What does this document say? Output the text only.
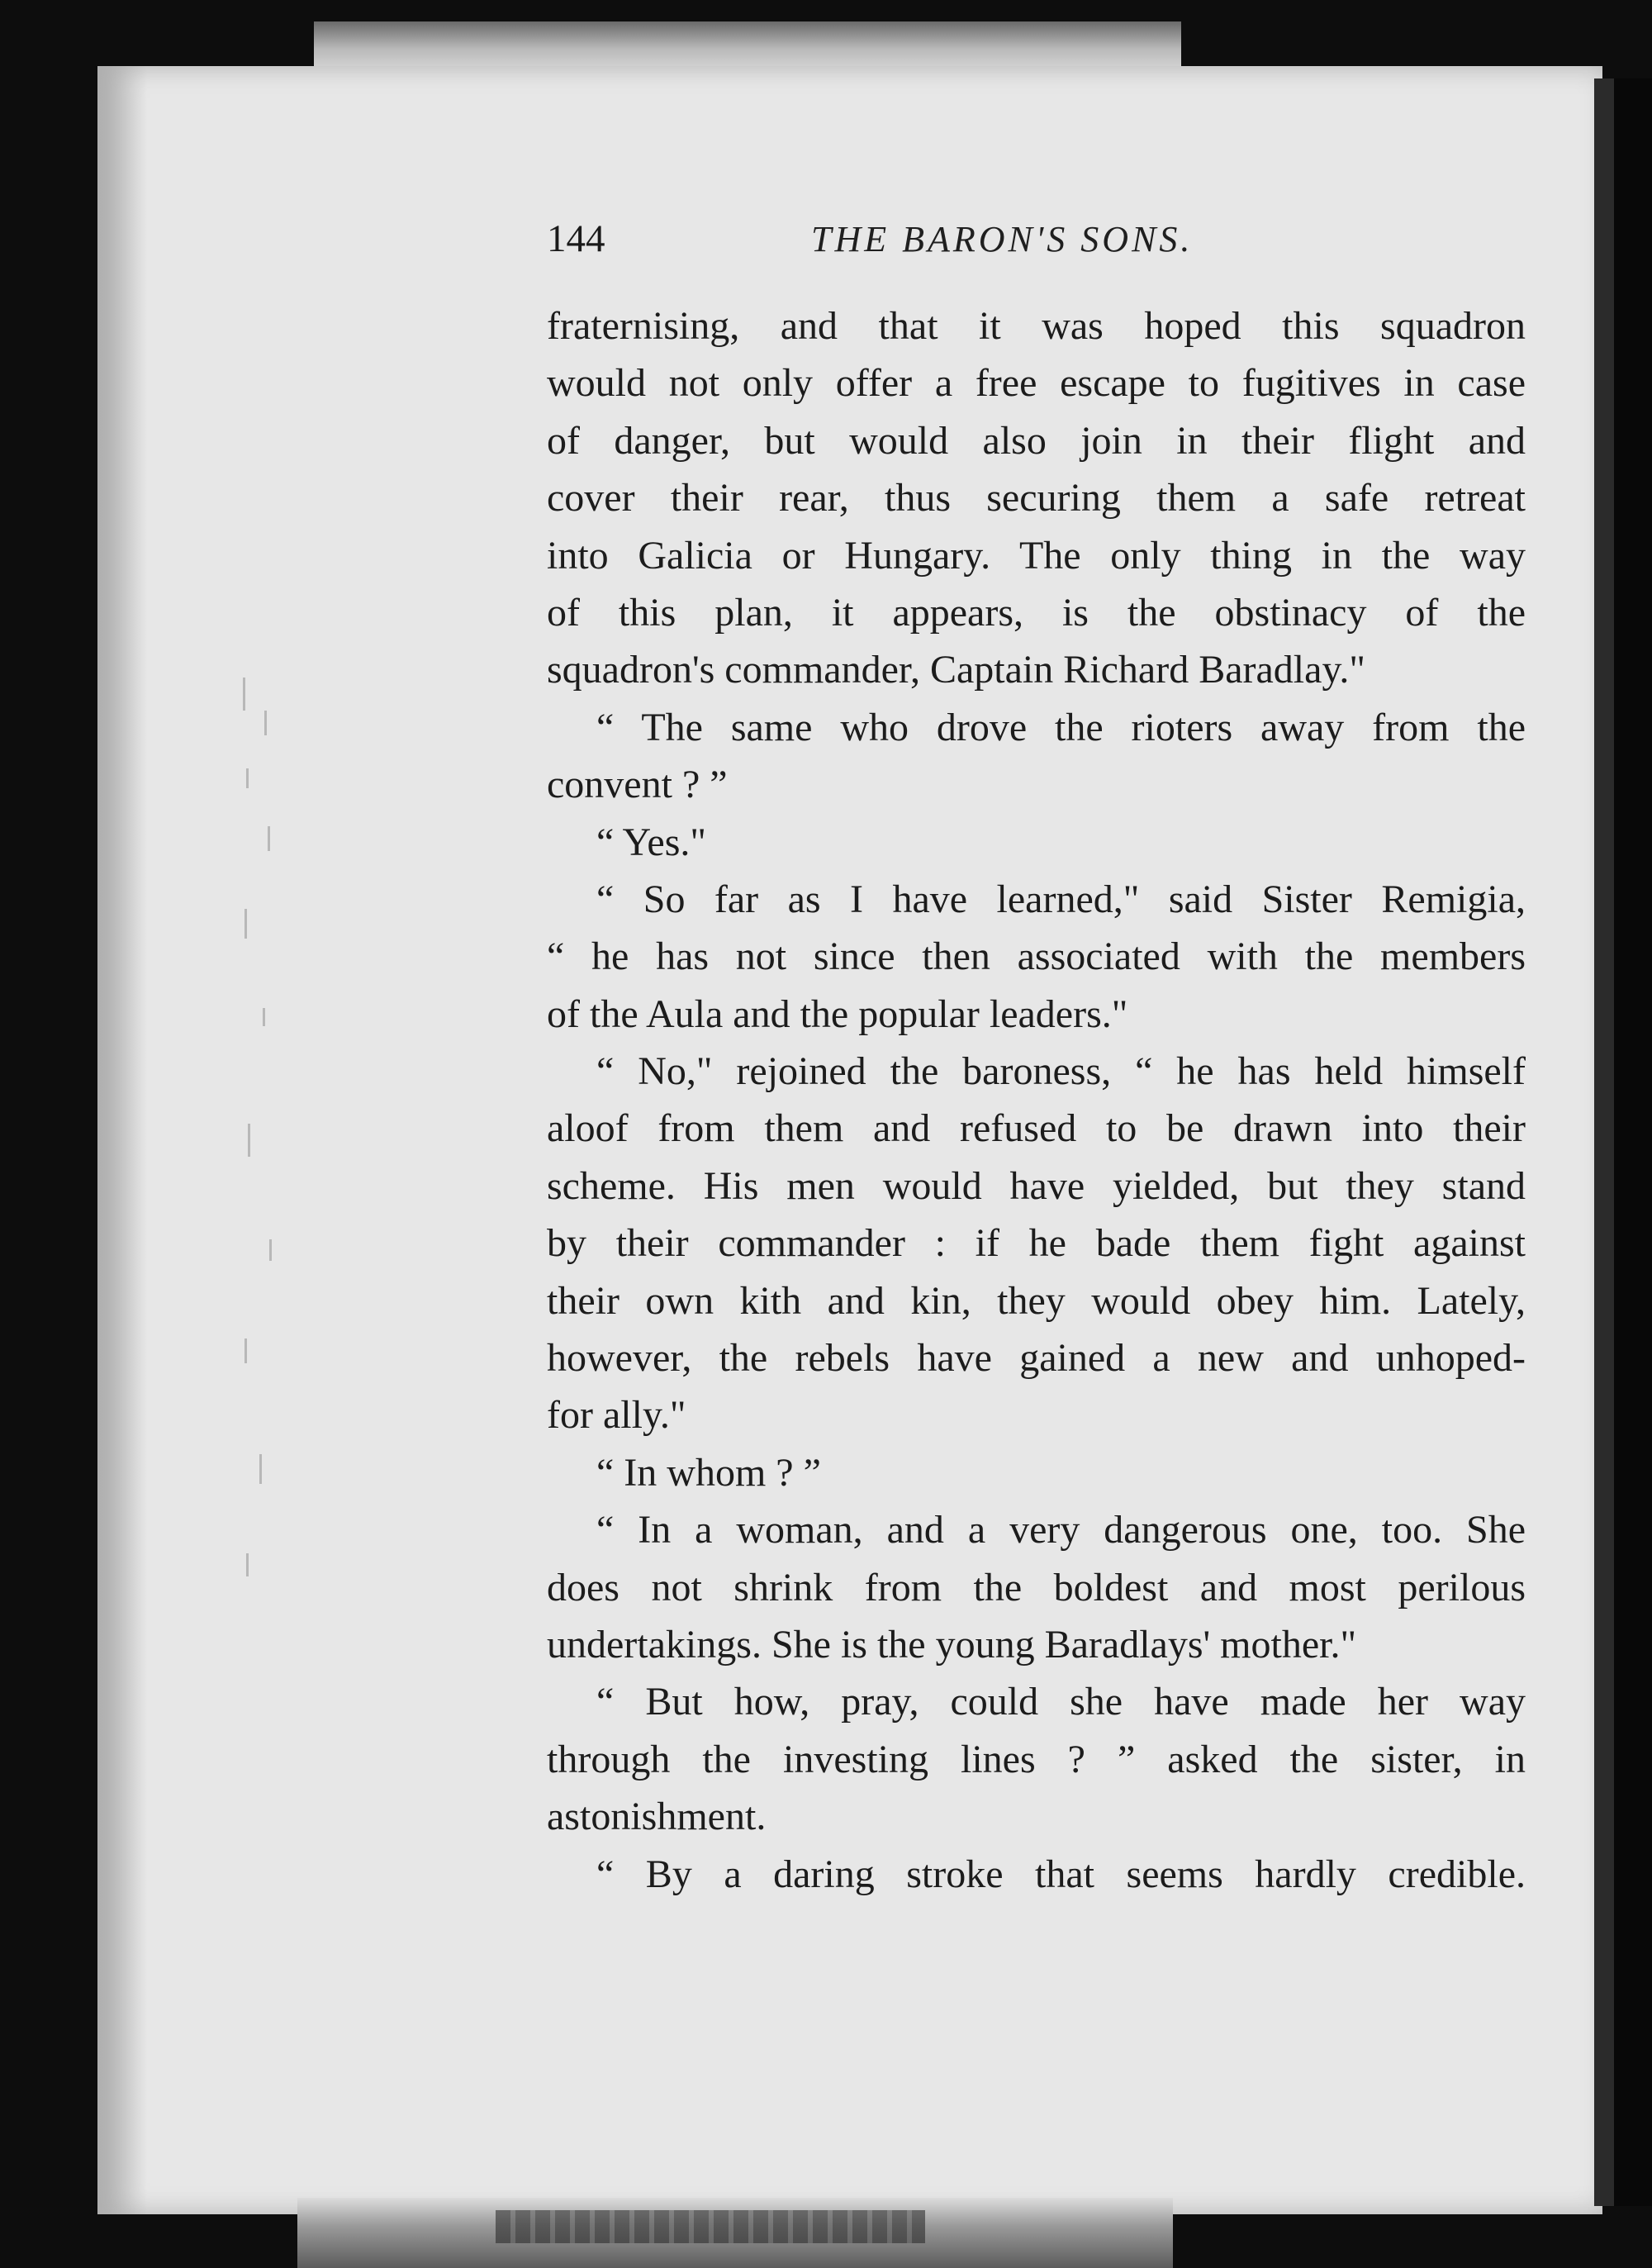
144	THE BARON'S SONS.
fraternising, and that it was hoped this squadron
would not only offer a free escape to fugitives in case
of danger, but would also join in their flight and
cover their rear, thus securing them a safe retreat
into Galicia or Hungary. The only thing in the way
of this plan, it appears, is the obstinacy of the
squadron's commander, Captain Richard Baradlay."
“ The same who drove the rioters away from the
convent ? ”
“ Yes."
“ So far as I have learned," said Sister Remigia,
“ he has not since then associated with the members
of the Aula and the popular leaders."
“ No," rejoined the baroness, “ he has held himself
aloof from them and refused to be drawn into their
scheme. His men would have yielded, but they stand
by their commander : if he bade them fight against
their own kith and kin, they would obey him. Lately,
however, the rebels have gained a new and unhoped-
for ally."
“ In whom ? ”
“ In a woman, and a very dangerous one, too. She
does not shrink from the boldest and most perilous
undertakings. She is the young Baradlays' mother."
“ But how, pray, could she have made her way
through the investing lines ? ” asked the sister, in
astonishment.
“ By a daring stroke that seems hardly credible.
